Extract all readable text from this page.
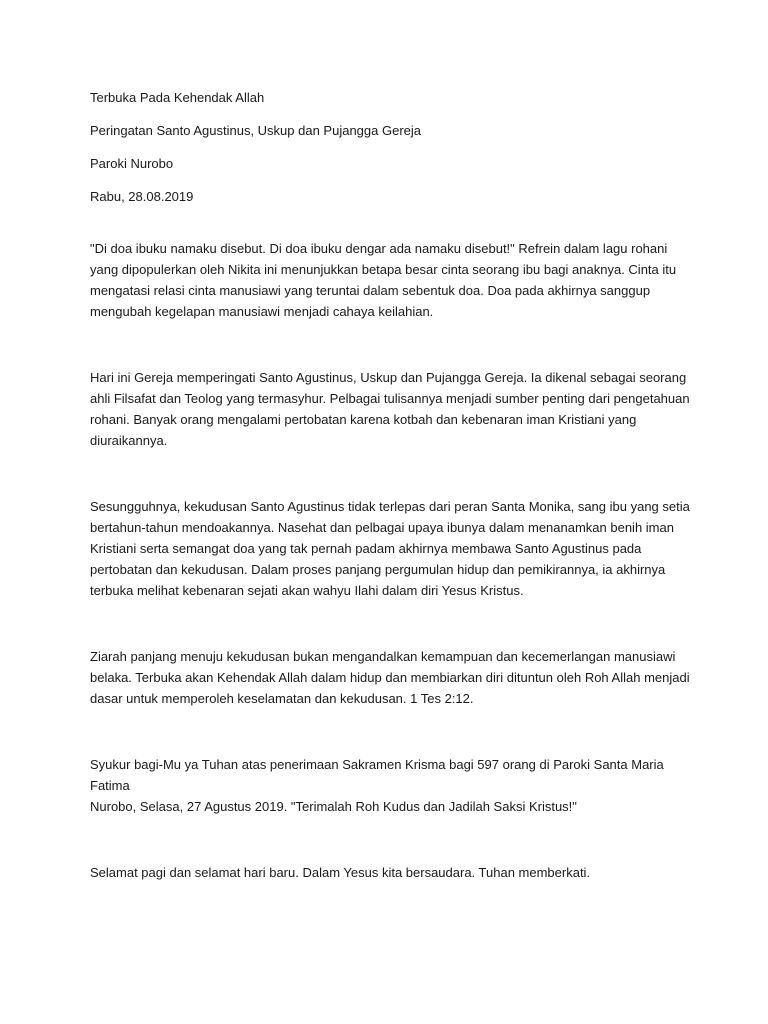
Terbuka Pada Kehendak Allah

Peringatan Santo Agustinus, Uskup dan Pujangga Gereja

Paroki Nurobo

Rabu, 28.08.2019

"Di doa ibuku namaku disebut. Di doa ibuku dengar ada namaku disebut!" Refrein dalam lagu rohani
yang dipopulerkan oleh Nikita ini menunjukkan betapa besar cinta seorang ibu bagi anaknya. Cinta itu
mengatasi relasi cinta manusiawi yang teruntai dalam sebentuk doa. Doa pada akhirnya sanggup
mengubah kegelapan manusiawi menjadi cahaya keilahian.
Hari ini Gereja memperingati Santo Agustinus, Uskup dan Pujangga Gereja. Ia dikenal sebagai seorang
ahli Filsafat dan Teolog yang termasyhur. Pelbagai tulisannya menjadi sumber penting dari pengetahuan
rohani. Banyak orang mengalami pertobatan karena kotbah dan kebenaran iman Kristiani yang
diuraikannya.
Sesungguhnya, kekudusan Santo Agustinus tidak terlepas dari peran Santa Monika, sang ibu yang setia
bertahun-tahun mendoakannya. Nasehat dan pelbagai upaya ibunya dalam menanamkan benih iman
Kristiani serta semangat doa yang tak pernah padam akhirnya membawa Santo Agustinus pada
pertobatan dan kekudusan. Dalam proses panjang pergumulan hidup dan pemikirannya, ia akhirnya
terbuka melihat kebenaran sejati akan wahyu Ilahi dalam diri Yesus Kristus.
Ziarah panjang menuju kekudusan bukan mengandalkan kemampuan dan kecemerlangan manusiawi
belaka. Terbuka akan Kehendak Allah dalam hidup dan membiarkan diri dituntun oleh Roh Allah menjadi
dasar untuk memperoleh keselamatan dan kekudusan. 1 Tes 2:12.
Syukur bagi-Mu ya Tuhan atas penerimaan Sakramen Krisma bagi 597 orang di Paroki Santa Maria Fatima
Nurobo, Selasa, 27 Agustus 2019. "Terimalah Roh Kudus dan Jadilah Saksi Kristus!"
Selamat pagi dan selamat hari baru. Dalam Yesus kita bersaudara. Tuhan memberkati.
